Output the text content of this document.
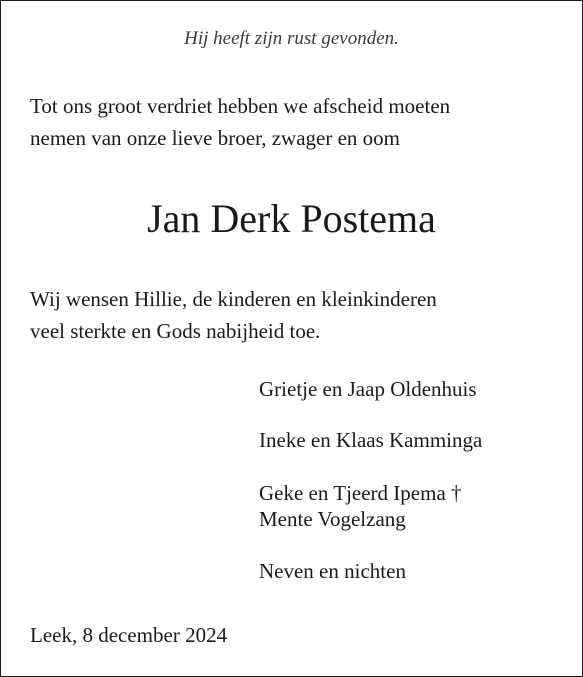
Hij heeft zijn rust gevonden.
Tot ons groot verdriet hebben we afscheid moeten
nemen van onze lieve broer, zwager en oom
Jan Derk Postema
Wij wensen Hillie, de kinderen en kleinkinderen
veel sterkte en Gods nabijheid toe.
Grietje en Jaap Oldenhuis
Ineke en Klaas Kamminga
Geke en Tjeerd Ipema †
Mente Vogelzang
Neven en nichten
Leek, 8 december 2024
